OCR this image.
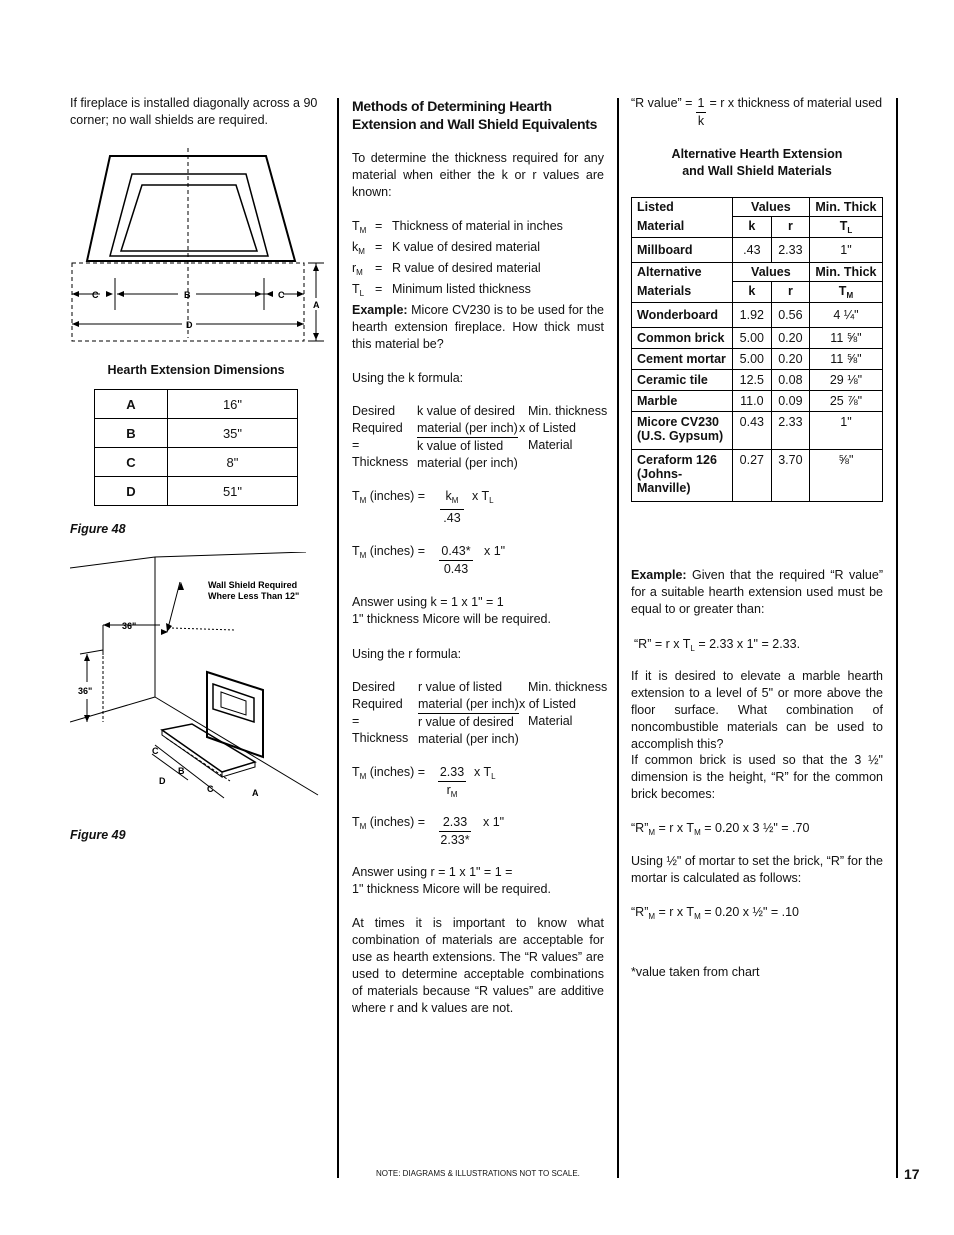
If fireplace is installed diagonally across a 90 corner; no wall shields are required.
C	B	C
D
A
Hearth Extension Dimensions
A	16"
B	35"
C	8"
D	51"
Figure 48
Wall Shield Required
Where Less Than 12"
36"
36"
C
B
D
C	A
Figure 49
Methods of Determining Hearth Extension and Wall Shield Equivalents
To determine the thickness required for any material when either the k or r values are known:
$T_M$ = Thickness of material in inches
$k_M = K$ value of desired material
$r_M = R$ value of desired material
$T_L$ = Minimum listed thickness
Example: Micore CV230 is to be used for the hearth extension fireplace. How thick must this material be?
Using the k formula:
Desired
Required =
Thickness
k value of desired
material (per inch)
k value of listed
material (per inch)
Min. thickness
x of Listed
Material
$T_M$ (inches) =	$k_M$
.43
x $T_L$
$T_M$ (inches) = 0.43*
0.43
x 1"
Answer using k = 1 x 1" = 1
1" thickness Micore will be required.
Using the r formula:
Desired
Required =
Thickness
r value of listed
material (per inch)
r value of desired
material (per inch)
Min. thickness
x of Listed
Material
$T_M$ (inches) = 2.33
$r_M$
x $T_L$
$T_M$ (inches) =	2.33
2.33*
x 1"
Answer using r = 1 x 1" = 1 =
1" thickness Micore will be required.
At times it is important to know what combination of materials are acceptable for use as hearth extensions. The “R values” are used to determine acceptable combinations of materials because “R values” are additive where r and k values are not.
NOTE: DIAGRAMS & ILLUSTRATIONS NOT TO SCALE.
“R value” = $\frac{1}{k} = r$ x thickness of material used
Alternative Hearth Extension
and Wall Shield Materials
Listed	Values		Min. Thick
Material	k	r	$T_L$
Millboard	.43	2.33	1"
Alternative	Values		Min. Thick
Materials	k	r	$T_M$
Wonderboard	1.92	0.56	4 ¼"
Common brick	5.00	0.20	11 ⅝"
Cement mortar	5.00	0.20	11 ⅝"
Ceramic tile	12.5	0.08	29 ⅛"
Marble	11.0	0.09	25 ⅞"

Micore CV230
(U.S. Gypsum)	0.43	2.33	1"

Ceraform 126
(Johns-Manville)	0.27	3.70	⅝"
Example: Given that the required “R value” for a suitable hearth extension used must be equal to or greater than:
“R” = r x $T_L = 2.33$ x 1" = 2.33.
If it is desired to elevate a marble hearth extension to a level of 5" or more above the floor surface. What combination of noncombustible materials can be used to accomplish this?
If common brick is used so that the 3 ½" dimension is the height, “R” for the common brick becomes:
“$R”_M = r$ x $T_M = 0.20$ x 3 ½" = .70
Using ½" of mortar to set the brick, “R” for the mortar is calculated as follows:
“$R”_M = r$ x $T_M = 0.20$ x ½" = .10
*value taken from chart
17
